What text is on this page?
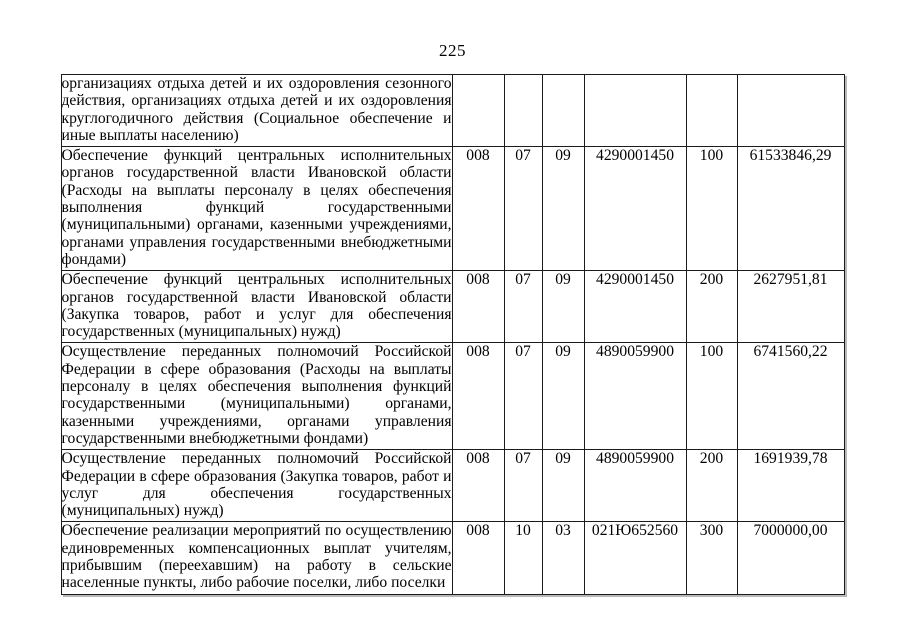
225
организациях отдыха детей и их оздоровления сезонного действия, организациях отдыха детей и их оздоровления круглогодичного действия (Социальное обеспечение и иные выплаты населению)						
Обеспечение функций центральных исполнительных органов государственной власти Ивановской области (Расходы на выплаты персоналу в целях обеспечения выполнения функций государственными (муниципальными) органами, казенными учреждениями, органами управления государственными внебюджетными фондами)	008	07	09	4290001450	100	61533846,29
Обеспечение функций центральных исполнительных органов государственной власти Ивановской области (Закупка товаров, работ и услуг для обеспечения государственных (муниципальных) нужд)	008	07	09	4290001450	200	2627951,81
Осуществление переданных полномочий Российской Федерации в сфере образования (Расходы на выплаты персоналу в целях обеспечения выполнения функций государственными (муниципальными) органами, казенными учреждениями, органами управления государственными внебюджетными фондами)	008	07	09	4890059900	100	6741560,22
Осуществление переданных полномочий Российской Федерации в сфере образования (Закупка товаров, работ и услуг для обеспечения государственных (муниципальных) нужд)	008	07	09	4890059900	200	1691939,78
Обеспечение реализации мероприятий по осуществлению единовременных компенсационных выплат учителям, прибывшим (переехавшим) на работу в сельские населенные пункты, либо рабочие поселки, либо поселки	008	10	03	021Ю652560	300	7000000,00
